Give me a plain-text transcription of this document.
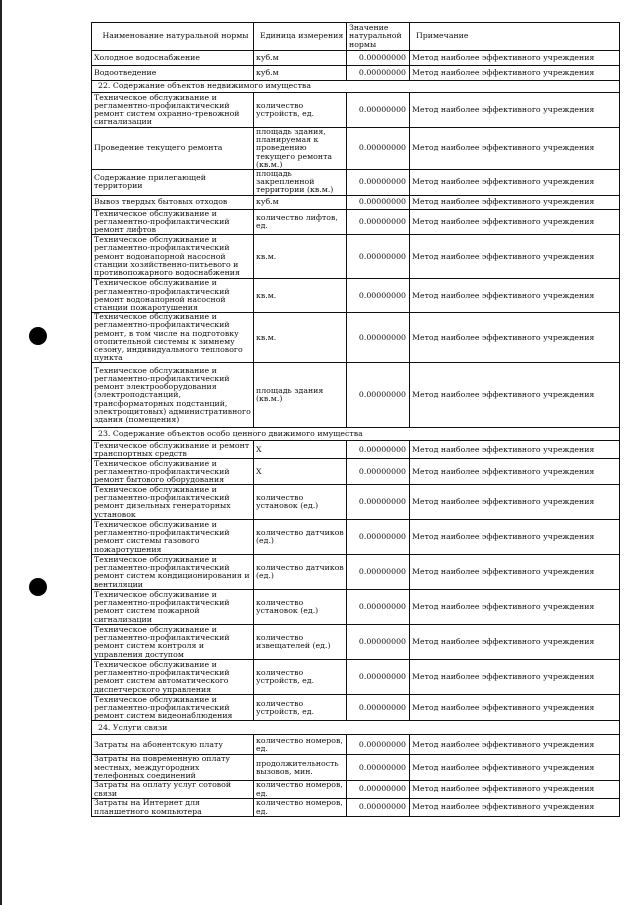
Наименование натуральной нормы	Единица измерения	Значение натуральной нормы	Примечание
Холодное водоснабжение	куб.м	0.00000000	Метод наиболее эффективного учреждения
Водоотведение	куб.м	0.00000000	Метод наиболее эффективного учреждения
22. Содержание объектов недвижимого имущества			
Техническое обслуживание и регламентно-профилактический ремонт систем охранно-тревожной сигнализации	количество устройств, ед.	0.00000000	Метод наиболее эффективного учреждения
Проведение текущего ремонта	площадь здания, планируемая к проведению текущего ремонта (кв.м.)	0.00000000	Метод наиболее эффективного учреждения
Содержание прилегающей территории	площадь закрепленной территории (кв.м.)	0.00000000	Метод наиболее эффективного учреждения
Вывоз твердых бытовых отходов	куб.м	0.00000000	Метод наиболее эффективного учреждения
Техническое обслуживание и регламентно-профилактический ремонт лифтов	количество лифтов, ед.	0.00000000	Метод наиболее эффективного учреждения
Техническое обслуживание и регламентно-профилактический ремонт водонапорной насосной станции хозяйственно-питьевого и противопожарного водоснабжения	кв.м.	0.00000000	Метод наиболее эффективного учреждения
Техническое обслуживание и регламентно-профилактический ремонт водонапорной насосной станции пожаротушения	кв.м.	0.00000000	Метод наиболее эффективного учреждения
Техническое обслуживание и регламентно-профилактический ремонт, в том числе на подготовку отопительной системы к зимнему сезону, индивидуального теплового пункта	кв.м.	0.00000000	Метод наиболее эффективного учреждения
Техническое обслуживание и регламентно-профилактический ремонт электрооборудования (электроподстанций, трансформаторных подстанций, электрощитовых) административного здания (помещения)	площадь здания (кв.м.)	0.00000000	Метод наиболее эффективного учреждения
23. Содержание объектов особо ценного движимого имущества			
Техническое обслуживание и ремонт транспортных средств	X	0.00000000	Метод наиболее эффективного учреждения
Техническое обслуживание и регламентно-профилактический ремонт бытового оборудования	X	0.00000000	Метод наиболее эффективного учреждения
Техническое обслуживание и регламентно-профилактический ремонт дизельных генераторных установок	количество установок (ед.)	0.00000000	Метод наиболее эффективного учреждения
Техническое обслуживание и регламентно-профилактический ремонт системы газового пожаротушения	количество датчиков (ед.)	0.00000000	Метод наиболее эффективного учреждения
Техническое обслуживание и регламентно-профилактический ремонт систем кондиционирования и вентиляции	количество датчиков (ед.)	0.00000000	Метод наиболее эффективного учреждения
Техническое обслуживание и регламентно-профилактический ремонт систем пожарной сигнализации	количество установок (ед.)	0.00000000	Метод наиболее эффективного учреждения
Техническое обслуживание и регламентно-профилактический ремонт систем контроля и управления доступом	количество извещателей (ед.)	0.00000000	Метод наиболее эффективного учреждения
Техническое обслуживание и регламентно-профилактический ремонт систем автоматического диспетчерского управления	количество устройств, ед.	0.00000000	Метод наиболее эффективного учреждения
Техническое обслуживание и регламентно-профилактический ремонт систем видеонаблюдения	количество устройств, ед.	0.00000000	Метод наиболее эффективного учреждения
24. Услуги связи			
Затраты на абонентскую плату	количество номеров, ед.	0.00000000	Метод наиболее эффективного учреждения
Затраты на повременную оплату местных, междугородних телефонных соединений	продолжительность вызовов, мин.	0.00000000	Метод наиболее эффективного учреждения
Затраты на оплату услуг сотовой связи	количество номеров, ед.	0.00000000	Метод наиболее эффективного учреждения
Затраты на Интернет для планшетного компьютера	количество номеров, ед.	0.00000000	Метод наиболее эффективного учреждения
